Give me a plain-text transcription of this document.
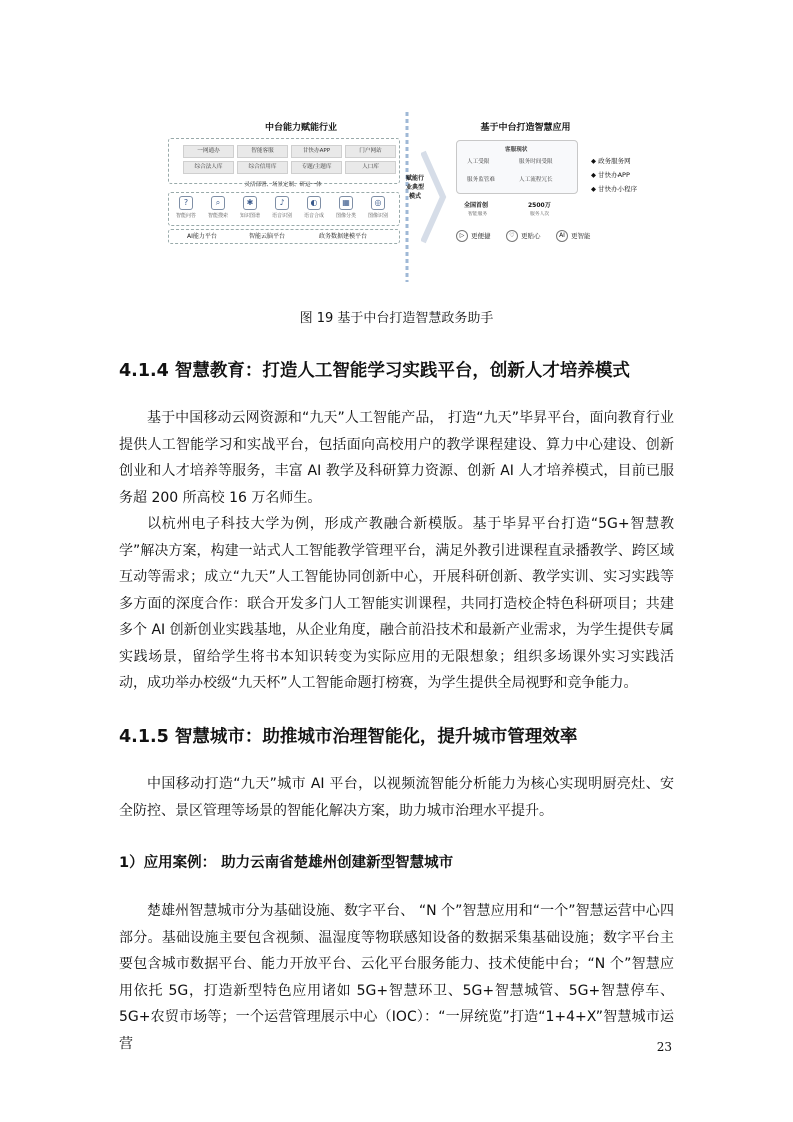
中台能力赋能行业
一网通办	智能客服	甘快办APP	门户网站
综合法人库	综合信用库	专题/主题库	人口库
灵活部署、场景定制、研运一体
?
智能问答
⌕
智能搜索
✱
知识图谱
♪
语音识别
◐
语音合成
▦
图像分类
◎
图像识别
AI能力平台	智能云脑平台	政务数据建模平台
赋能行业典型模式
基于中台打造智慧应用
客服现状
人工受限	服务时间受限
服务监管难	人工流程冗长
全国首创
智能服务
2500万
服务人次
◆ 政务服务网
◆ 甘快办APP
◆ 甘快办小程序
▷ 更便捷	♡ 更贴心	AI 更智能
图 19 基于中台打造智慧政务助手
4.1.4 智慧教育：打造人工智能学习实践平台，创新人才培养模式

基于中国移动云网资源和“九天”人工智能产品， 打造“九天”毕昇平台，面向教育行业提供人工智能学习和实战平台，包括面向高校用户的教学课程建设、算力中心建设、创新创业和人才培养等服务，丰富 AI 教学及科研算力资源、创新 AI 人才培养模式，目前已服务超 200 所高校 16 万名师生。

以杭州电子科技大学为例，形成产教融合新模版。基于毕昇平台打造“5G+智慧教学”解决方案，构建一站式人工智能教学管理平台，满足外教引进课程直录播教学、跨区域互动等需求；成立“九天”人工智能协同创新中心，开展科研创新、教学实训、实习实践等多方面的深度合作：联合开发多门人工智能实训课程，共同打造校企特色科研项目；共建多个 AI 创新创业实践基地，从企业角度，融合前沿技术和最新产业需求，为学生提供专属实践场景，留给学生将书本知识转变为实际应用的无限想象；组织多场课外实习实践活动，成功举办校级“九天杯”人工智能命题打榜赛，为学生提供全局视野和竞争能力。

4.1.5 智慧城市：助推城市治理智能化，提升城市管理效率

中国移动打造“九天”城市 AI 平台，以视频流智能分析能力为核心实现明厨亮灶、安全防控、景区管理等场景的智能化解决方案，助力城市治理水平提升。

1）应用案例： 助力云南省楚雄州创建新型智慧城市

楚雄州智慧城市分为基础设施、数字平台、 “N 个”智慧应用和“一个”智慧运营中心四部分。基础设施主要包含视频、温湿度等物联感知设备的数据采集基础设施；数字平台主要包含城市数据平台、能力开放平台、云化平台服务能力、技术使能中台；“N 个”智慧应用依托 5G，打造新型特色应用诸如 5G+智慧环卫、5G+智慧城管、5G+智慧停车、5G+农贸市场等；一个运营管理展示中心（IOC）：“一屏统览”打造“1+4+X”智慧城市运营	23
